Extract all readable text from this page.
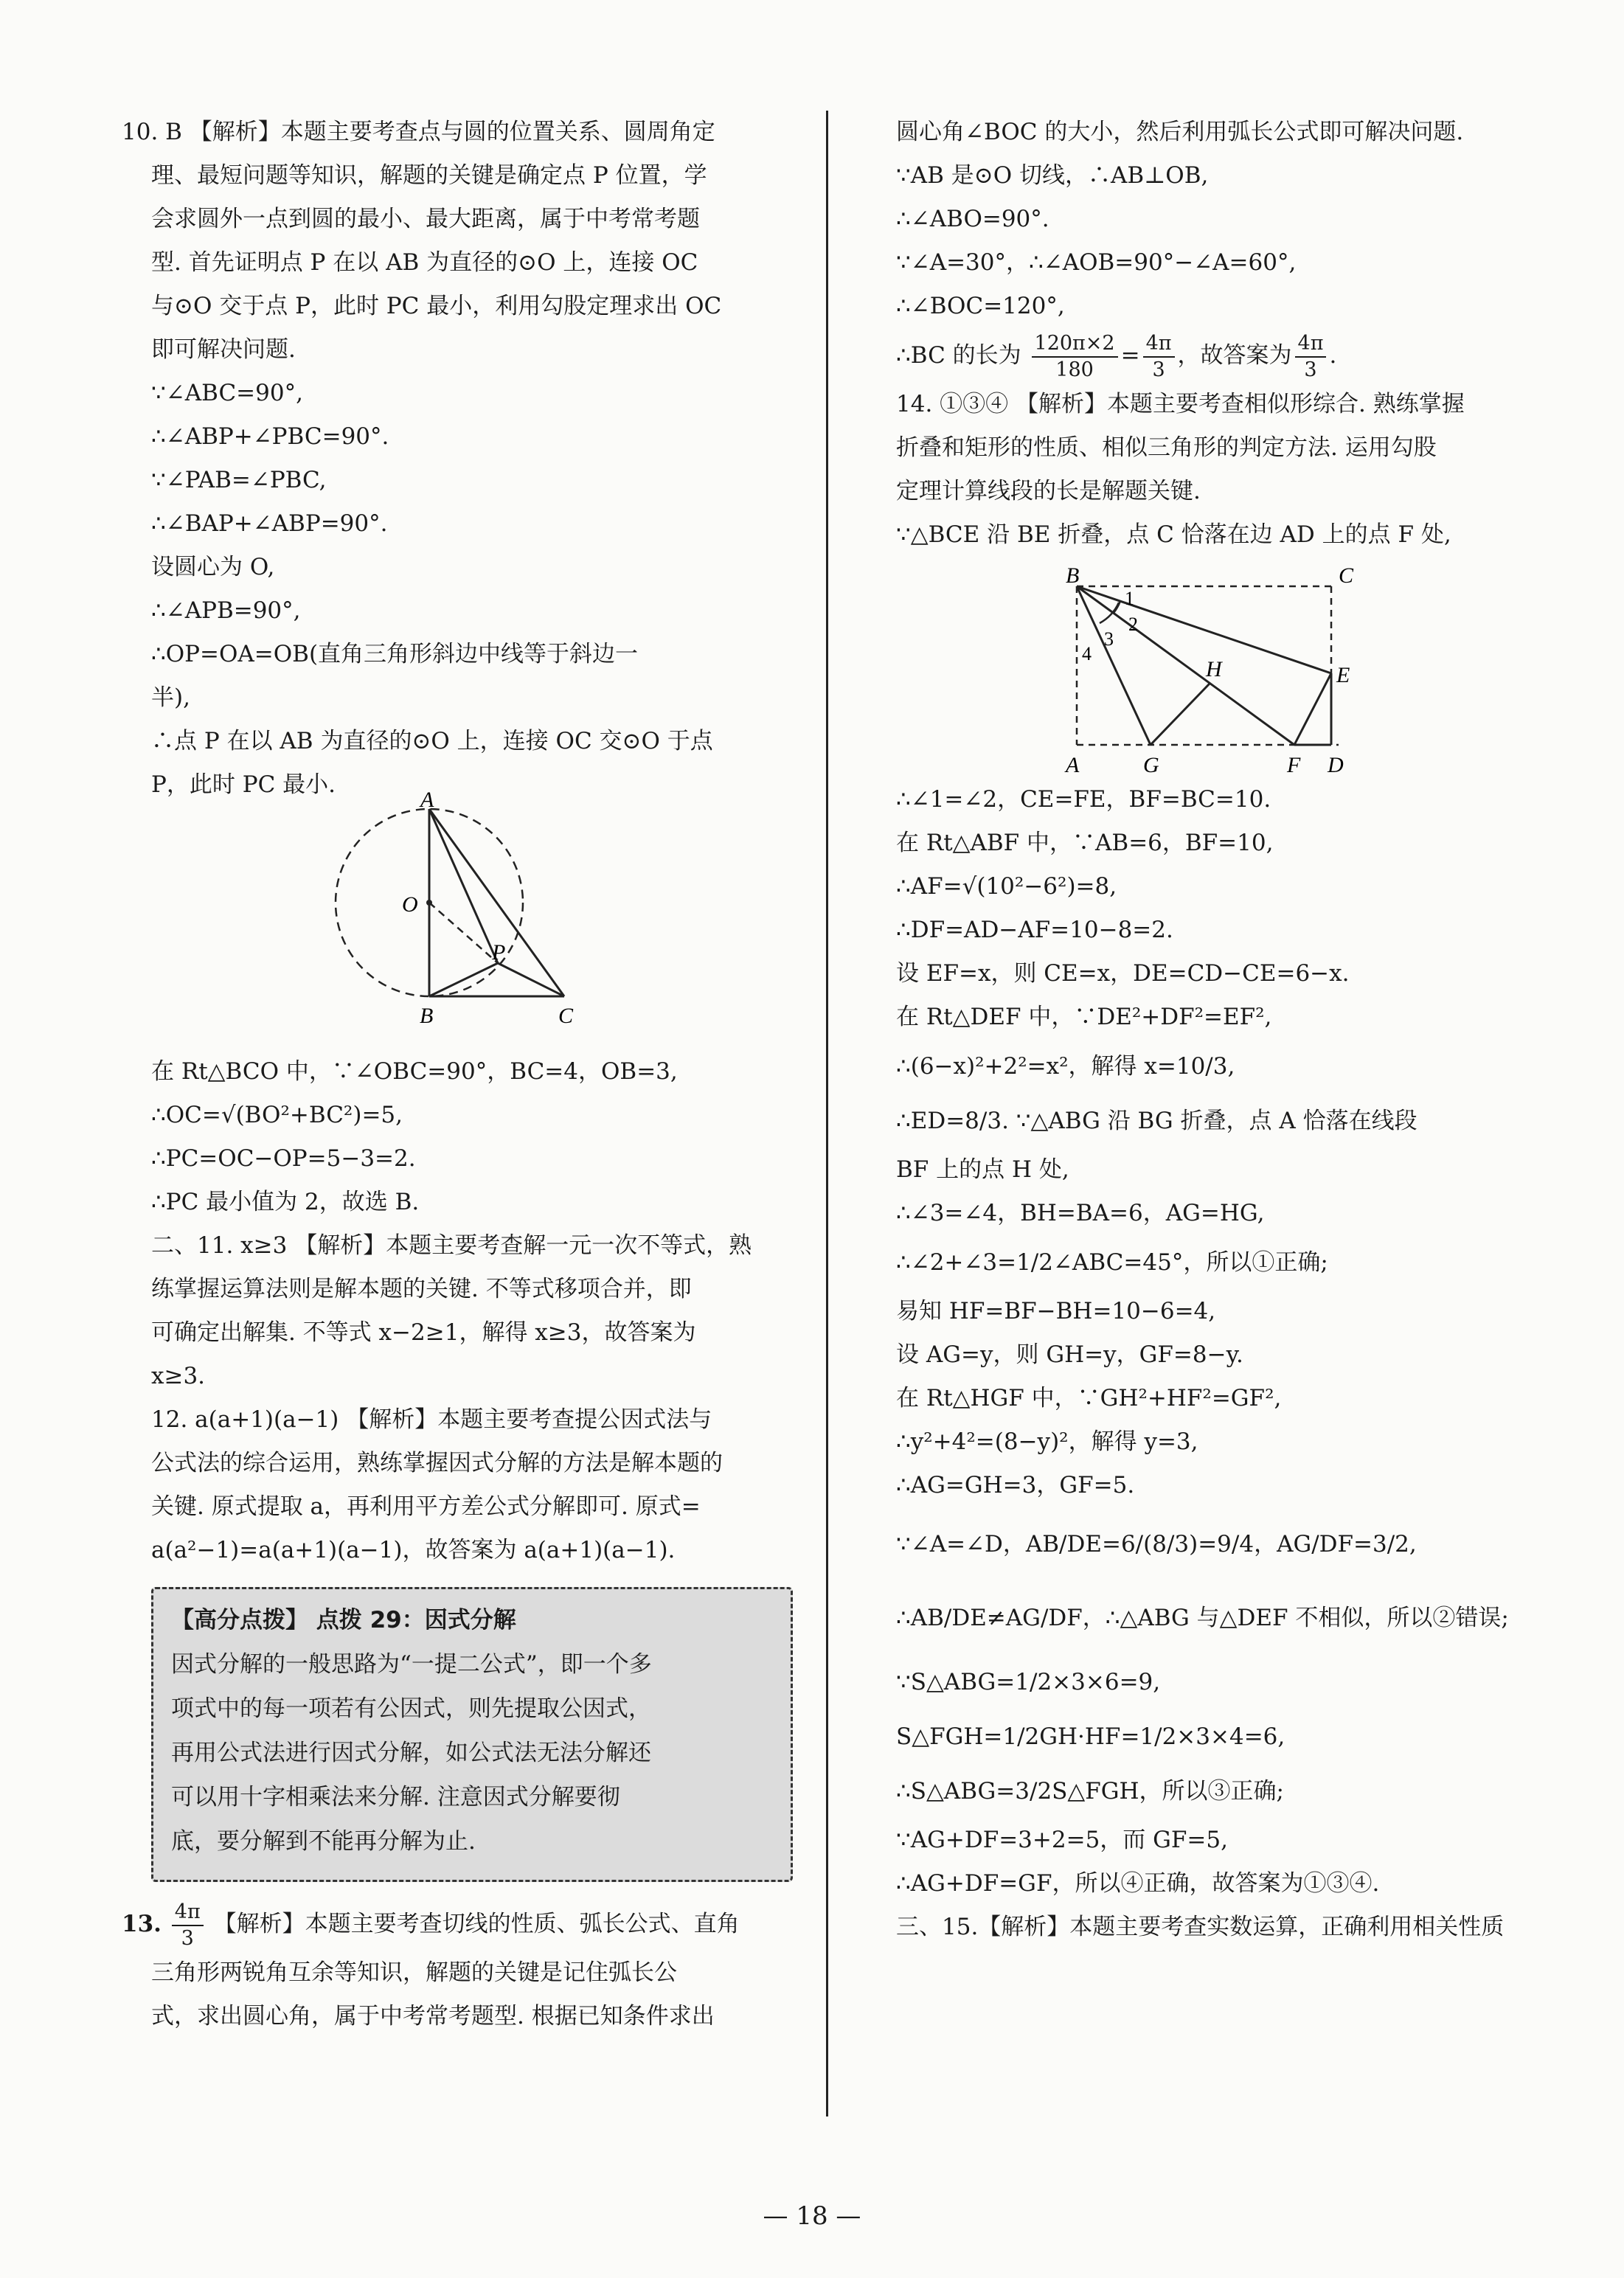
10. B 【解析】本题主要考查点与圆的位置关系、圆周角定
理、最短问题等知识，解题的关键是确定点 P 位置，学
会求圆外一点到圆的最小、最大距离，属于中考常考题
型. 首先证明点 P 在以 AB 为直径的⊙O 上，连接 OC
与⊙O 交于点 P，此时 PC 最小，利用勾股定理求出 OC
即可解决问题.
∵∠ABC=90°,
∴∠ABP+∠PBC=90°.
∵∠PAB=∠PBC,
∴∠BAP+∠ABP=90°.
设圆心为 O,
∴∠APB=90°,
∴OP=OA=OB(直角三角形斜边中线等于斜边一
半),
∴点 P 在以 AB 为直径的⊙O 上，连接 OC 交⊙O 于点
P，此时 PC 最小.
A
O
P
B	C
在 Rt△BCO 中，∵∠OBC=90°，BC=4，OB=3,
∴OC=√(BO²+BC²)=5,
∴PC=OC−OP=5−3=2.
∴PC 最小值为 2，故选 B.
二、11. x≥3 【解析】本题主要考查解一元一次不等式，熟
练掌握运算法则是解本题的关键. 不等式移项合并，即
可确定出解集. 不等式 x−2≥1，解得 x≥3，故答案为
x≥3.
12. a(a+1)(a−1) 【解析】本题主要考查提公因式法与
公式法的综合运用，熟练掌握因式分解的方法是解本题的
关键. 原式提取 a，再利用平方差公式分解即可. 原式=
a(a²−1)=a(a+1)(a−1)，故答案为 a(a+1)(a−1).
【高分点拨】 点拨 29：因式分解
因式分解的一般思路为“一提二公式”，即一个多
项式中的每一项若有公因式，则先提取公因式，
再用公式法进行因式分解，如公式法无法分解还
可以用十字相乘法来分解. 注意因式分解要彻
底，要分解到不能再分解为止.
13. $\frac{4\pi}{3}$ 【解析】本题主要考查切线的性质、弧长公式、直角
三角形两锐角互余等知识，解题的关键是记住弧长公
式，求出圆心角，属于中考常考题型. 根据已知条件求出
圆心角∠BOC 的大小，然后利用弧长公式即可解决问题.
∵AB 是⊙O 切线，∴AB⊥OB,
∴∠ABO=90°.
∵∠A=30°，∴∠AOB=90°−∠A=60°,
∴∠BOC=120°,
∴BC 的长为 $\frac{120\pi\times 2}{180} = \frac{4\pi}{3}$ ，故答案为 $\frac{4\pi}{3}$ .
14. ①③④ 【解析】本题主要考查相似形综合. 熟练掌握
折叠和矩形的性质、相似三角形的判定方法. 运用勾股
定理计算线段的长是解题关键.
∵△BCE 沿 BE 折叠，点 C 恰落在边 AD 上的点 F 处,
B	C
E
H
A	G	F D
1
2
3
4
∴∠1=∠2，CE=FE，BF=BC=10.
在 Rt△ABF 中，∵AB=6，BF=10,
∴AF=√(10²−6²)=8,
∴DF=AD−AF=10−8=2.
设 EF=x，则 CE=x，DE=CD−CE=6−x.
在 Rt△DEF 中，∵DE²+DF²=EF²,
∴(6−x)²+2²=x²，解得 x=10/3,
∴ED=8/3. ∵△ABG 沿 BG 折叠，点 A 恰落在线段
BF 上的点 H 处,
∴∠3=∠4，BH=BA=6，AG=HG,
∴∠2+∠3=1/2∠ABC=45°，所以①正确;
易知 HF=BF−BH=10−6=4,
设 AG=y，则 GH=y，GF=8−y.
在 Rt△HGF 中，∵GH²+HF²=GF²,
∴y²+4²=(8−y)²，解得 y=3,
∴AG=GH=3，GF=5.
∵∠A=∠D，AB/DE=6/(8/3)=9/4，AG/DF=3/2,
∴AB/DE≠AG/DF，∴△ABG 与△DEF 不相似，所以②错误;
∵S△ABG=1/2×3×6=9,
S△FGH=1/2GH·HF=1/2×3×4=6,
∴S△ABG=3/2S△FGH，所以③正确;
∵AG+DF=3+2=5，而 GF=5,
∴AG+DF=GF，所以④正确，故答案为①③④.
三、15.【解析】本题主要考查实数运算，正确利用相关性质
— 18 —
